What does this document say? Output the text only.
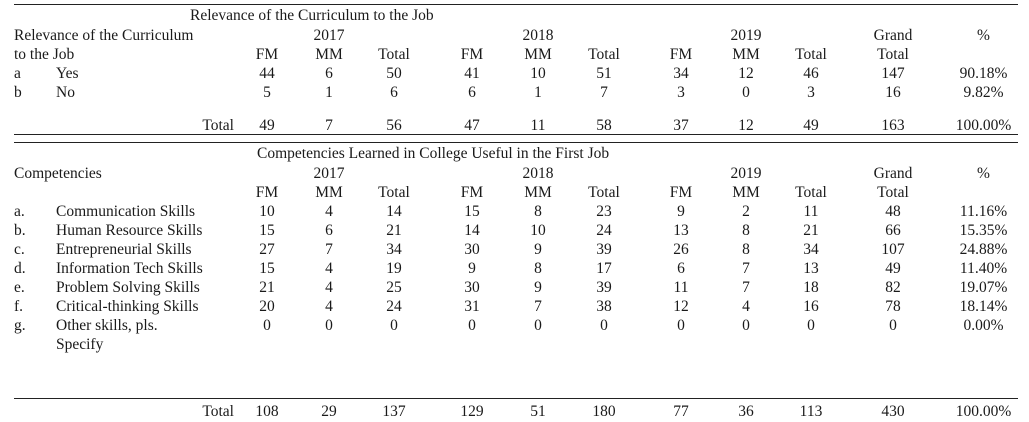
Relevance of the Curriculum to the Job
Relevance of the Curriculum	2017	2018	2019	Grand	%
to the Job	FM	MM	Total	FM	MM	Total	FM	MM	Total	Total
a Yes	44	6	50	41	10	51	34	12	46	147	90.18%
b No	5	1	6	6	1	7	3	0	3	16	9.82%
Total	49	7	56	47	11	58	37	12	49	163	100.00%
Competencies Learned in College Useful in the First Job
Competencies	2017	2018	2019	Grand	%
FM	MM	Total	FM	MM	Total	FM	MM	Total	Total
a. Communication Skills	10	4	14	15	8	23	9	2	11	48	11.16%
b. Human Resource Skills	15	6	21	14	10	24	13	8	21	66	15.35%
c. Entrepreneurial Skills	27	7	34	30	9	39	26	8	34	107	24.88%
d. Information Tech Skills	15	4	19	9	8	17	6	7	13	49	11.40%
e. Problem Solving Skills	21	4	25	30	9	39	11	7	18	82	19.07%
f. Critical-thinking Skills	20	4	24	31	7	38	12	4	16	78	18.14%
g. Other skills, pls.	0	0	0	0	0	0	0	0	0	0	0.00%
Specify
Total	108	29	137	129	51	180	77	36	113	430	100.00%
